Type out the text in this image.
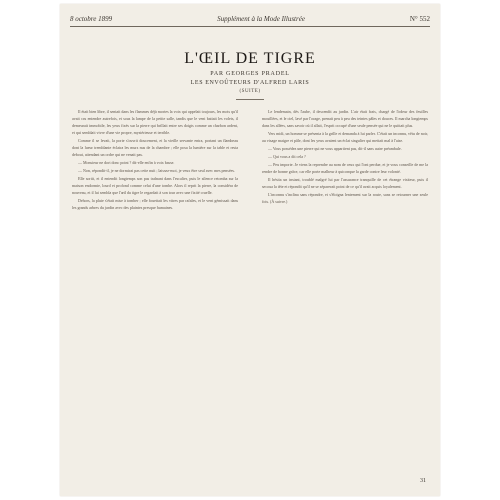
8 octobre 1899	Supplément à la Mode Illustrée	N° 552
L'ŒIL DE TIGRE
PAR GEORGES PRADEL
LES ENVOÛTEURS D'ALFRED LARIS
(SUITE)

Il était bien libre, il sentait dans les flammes déjà mortes la voix qui appelait toujours, les mots qu'il avait cru entendre autrefois, et sous la lampe de la petite salle, tandis que le vent battait les volets, il demeurait immobile, les yeux fixés sur la pierre qui brillait entre ses doigts comme un charbon ardent, et qui semblait vivre d'une vie propre, mystérieuse et terrible.

Comme il se levait, la porte s'ouvrit doucement, et la vieille servante entra, portant un flambeau dont la lueur tremblante éclaira les murs nus de la chambre ; elle posa la lumière sur la table et resta debout, attendant un ordre qui ne venait pas.

— Monsieur ne dort donc point ? dit-elle enfin à voix basse.

— Non, répondit-il, je ne dormirai pas cette nuit ; laissez-moi, je veux être seul avec mes pensées.

Elle sortit, et il entendit longtemps son pas traînant dans l'escalier, puis le silence retomba sur la maison endormie, lourd et profond comme celui d'une tombe. Alors il reprit la pierre, la considéra de nouveau, et il lui sembla que l'œil du tigre le regardait à son tour avec une fixité cruelle.

Dehors, la pluie s'était mise à tomber ; elle fouettait les vitres par rafales, et le vent gémissait dans les grands arbres du jardin avec des plaintes presque humaines.

Le lendemain, dès l'aube, il descendit au jardin. L'air était frais, chargé de l'odeur des feuilles mouillées, et le ciel, lavé par l'orage, prenait peu à peu des teintes pâles et douces. Il marcha longtemps dans les allées, sans savoir où il allait, l'esprit occupé d'une seule pensée qui ne le quittait plus.

Vers midi, un homme se présenta à la grille et demanda à lui parler. C'était un inconnu, vêtu de noir, au visage maigre et pâle, dont les yeux avaient un éclat singulier qui mettait mal à l'aise.

— Vous possédez une pierre qui ne vous appartient pas, dit-il sans autre préambule.

— Qui vous a dit cela ?

— Peu importe. Je viens la reprendre au nom de ceux qui l'ont perdue, et je vous conseille de me la rendre de bonne grâce, car elle porte malheur à quiconque la garde contre leur volonté.

Il hésita un instant, troublé malgré lui par l'assurance tranquille de cet étrange visiteur, puis il secoua la tête et répondit qu'il ne se séparerait point de ce qu'il avait acquis loyalement.

L'inconnu s'inclina sans répondre, et s'éloigna lentement sur la route, sans se retourner une seule fois. (À suivre.)

31
